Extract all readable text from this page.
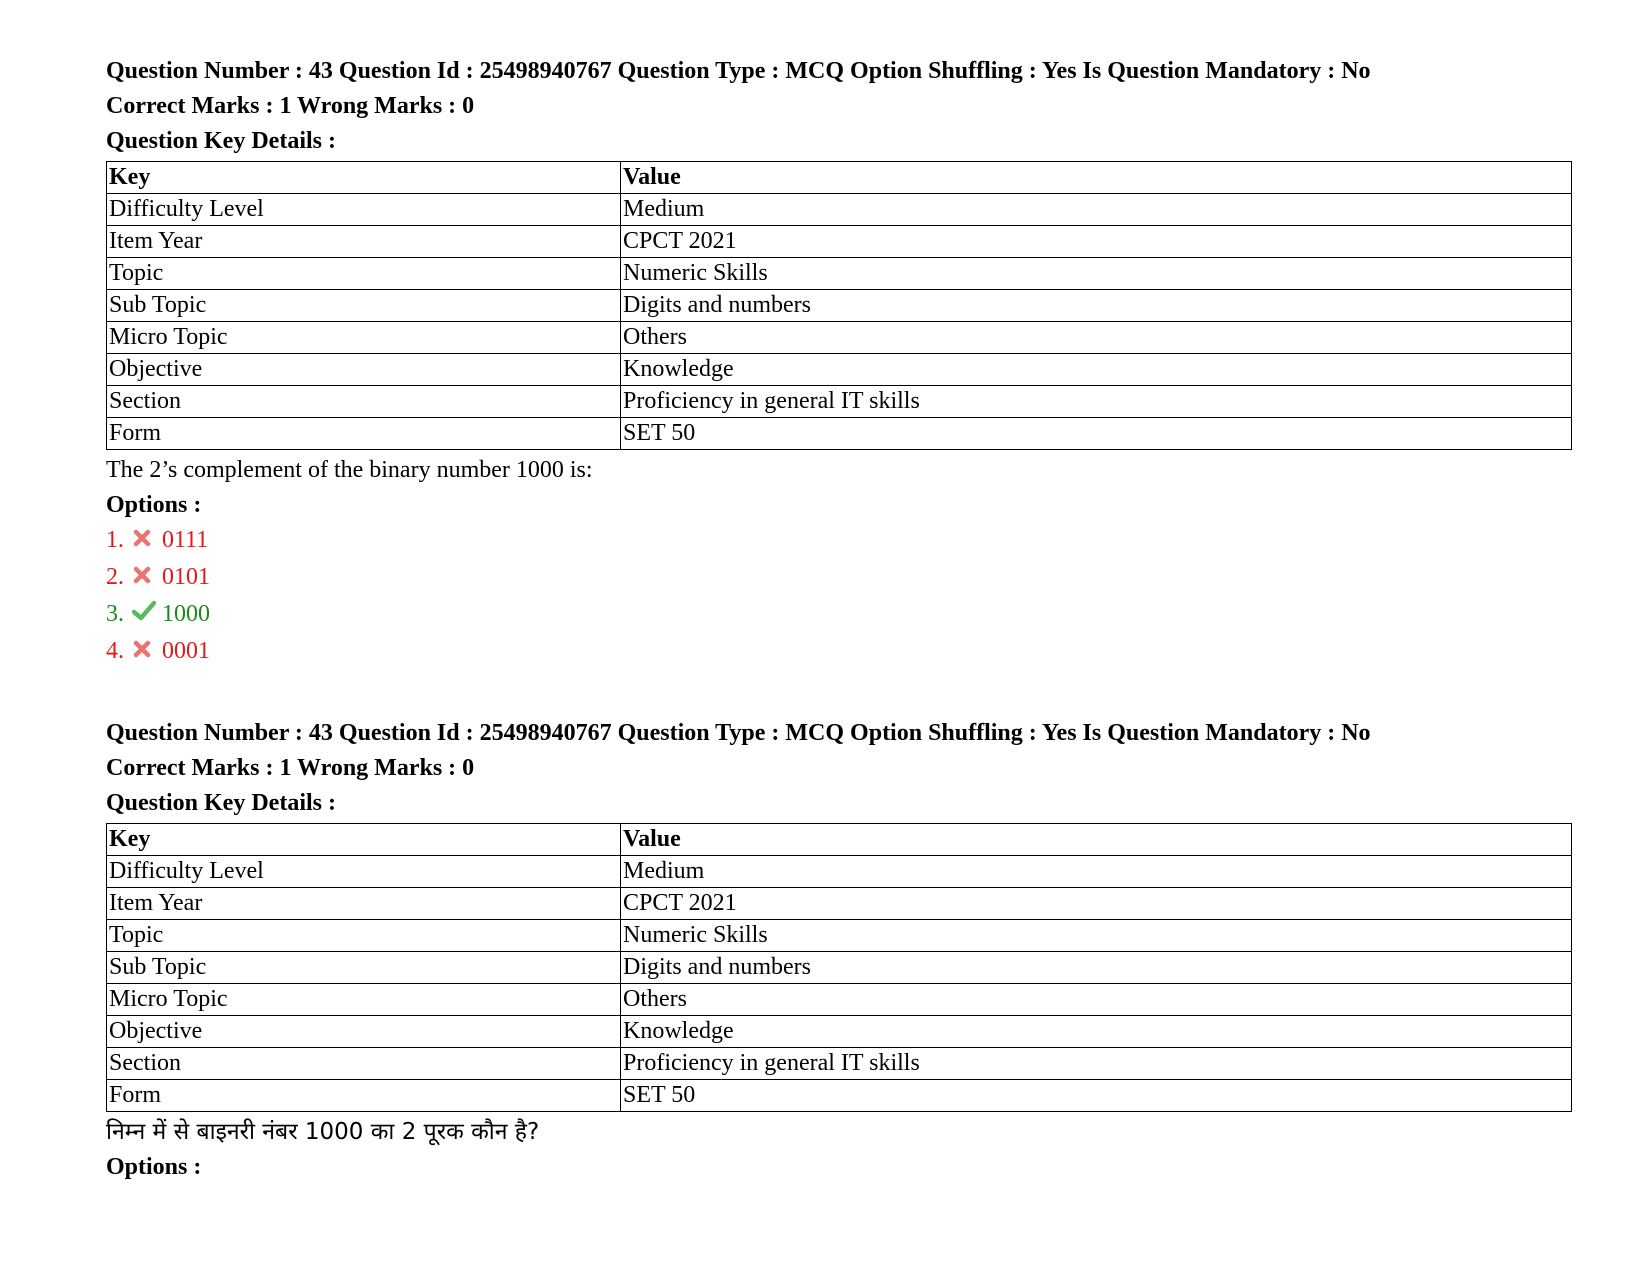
Question Number : 43 Question Id : 25498940767 Question Type : MCQ Option Shuffling : Yes Is Question Mandatory : No
Correct Marks : 1 Wrong Marks : 0
Question Key Details :
Key	Value
Difficulty Level	Medium
Item Year	CPCT 2021
Topic	Numeric Skills
Sub Topic	Digits and numbers
Micro Topic	Others
Objective	Knowledge
Section	Proficiency in general IT skills
Form	SET 50
The 2’s complement of the binary number 1000 is:
Options :
1.	0111
2.	0101
3.	1000
4.	0001
Question Number : 43 Question Id : 25498940767 Question Type : MCQ Option Shuffling : Yes Is Question Mandatory : No
Correct Marks : 1 Wrong Marks : 0
Question Key Details :
Key	Value
Difficulty Level	Medium
Item Year	CPCT 2021
Topic	Numeric Skills
Sub Topic	Digits and numbers
Micro Topic	Others
Objective	Knowledge
Section	Proficiency in general IT skills
Form	SET 50
निम्न में से बाइनरी नंबर 1000 का 2 पूरक कौन है?
Options :
